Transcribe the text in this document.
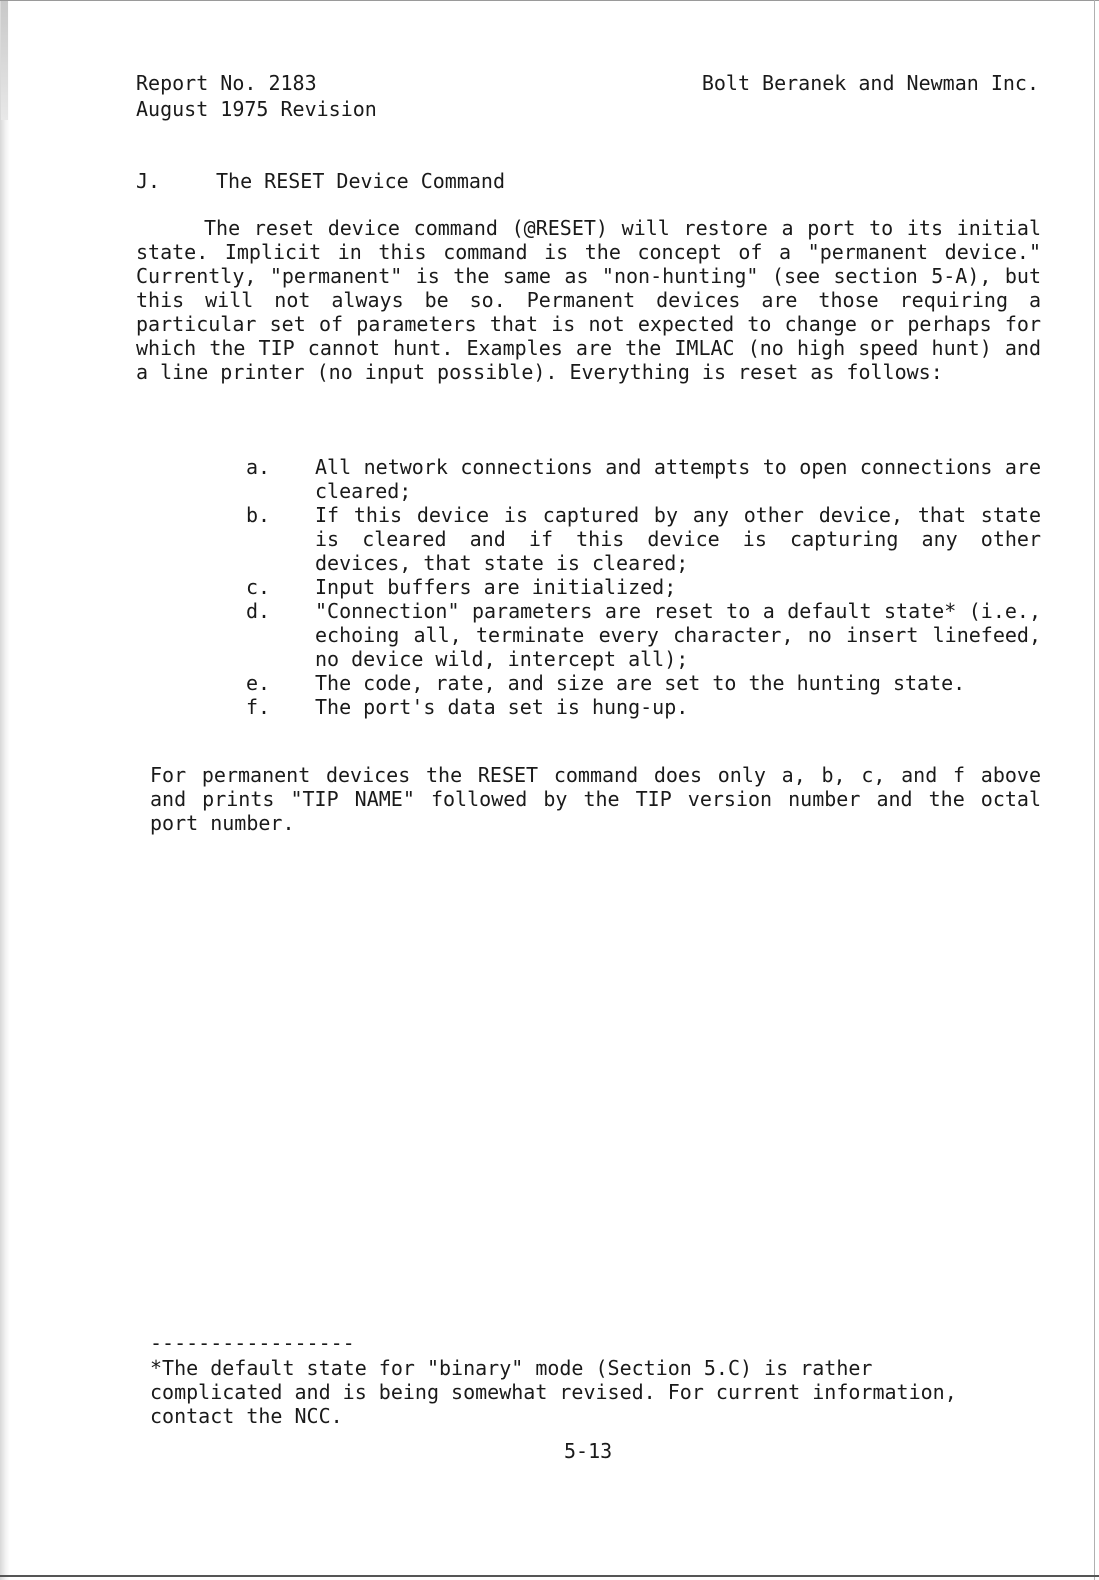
Report No. 2183
August 1975 Revision
Bolt Beranek and Newman Inc.
J.	The RESET Device Command

The reset device command (@RESET) will restore a port to its initial state. Implicit in this command is the concept of a "permanent device." Currently, "permanent" is the same as "non-hunting" (see section 5-A), but this will not always be so. Permanent devices are those requiring a particular set of parameters that is not expected to change or perhaps for which the TIP cannot hunt. Examples are the IMLAC (no high speed hunt) and a line printer (no input possible). Everything is reset as follows:

a. All network connections and attempts to open connections are cleared;
b. If this device is captured by any other device, that state is cleared and if this device is capturing any other devices, that state is cleared;
c. Input buffers are initialized;
d. "Connection" parameters are reset to a default state* (i.e., echoing all, terminate every character, no insert linefeed, no device wild, intercept all);
e. The code, rate, and size are set to the hunting state.
f. The port's data set is hung-up.

For permanent devices the RESET command does only a, b, c, and f above and prints "TIP NAME" followed by the TIP version number and the octal port number.

-----------------

*The default state for "binary" mode (Section 5.C) is rather complicated and is being somewhat revised. For current information, contact the NCC.

5-13
